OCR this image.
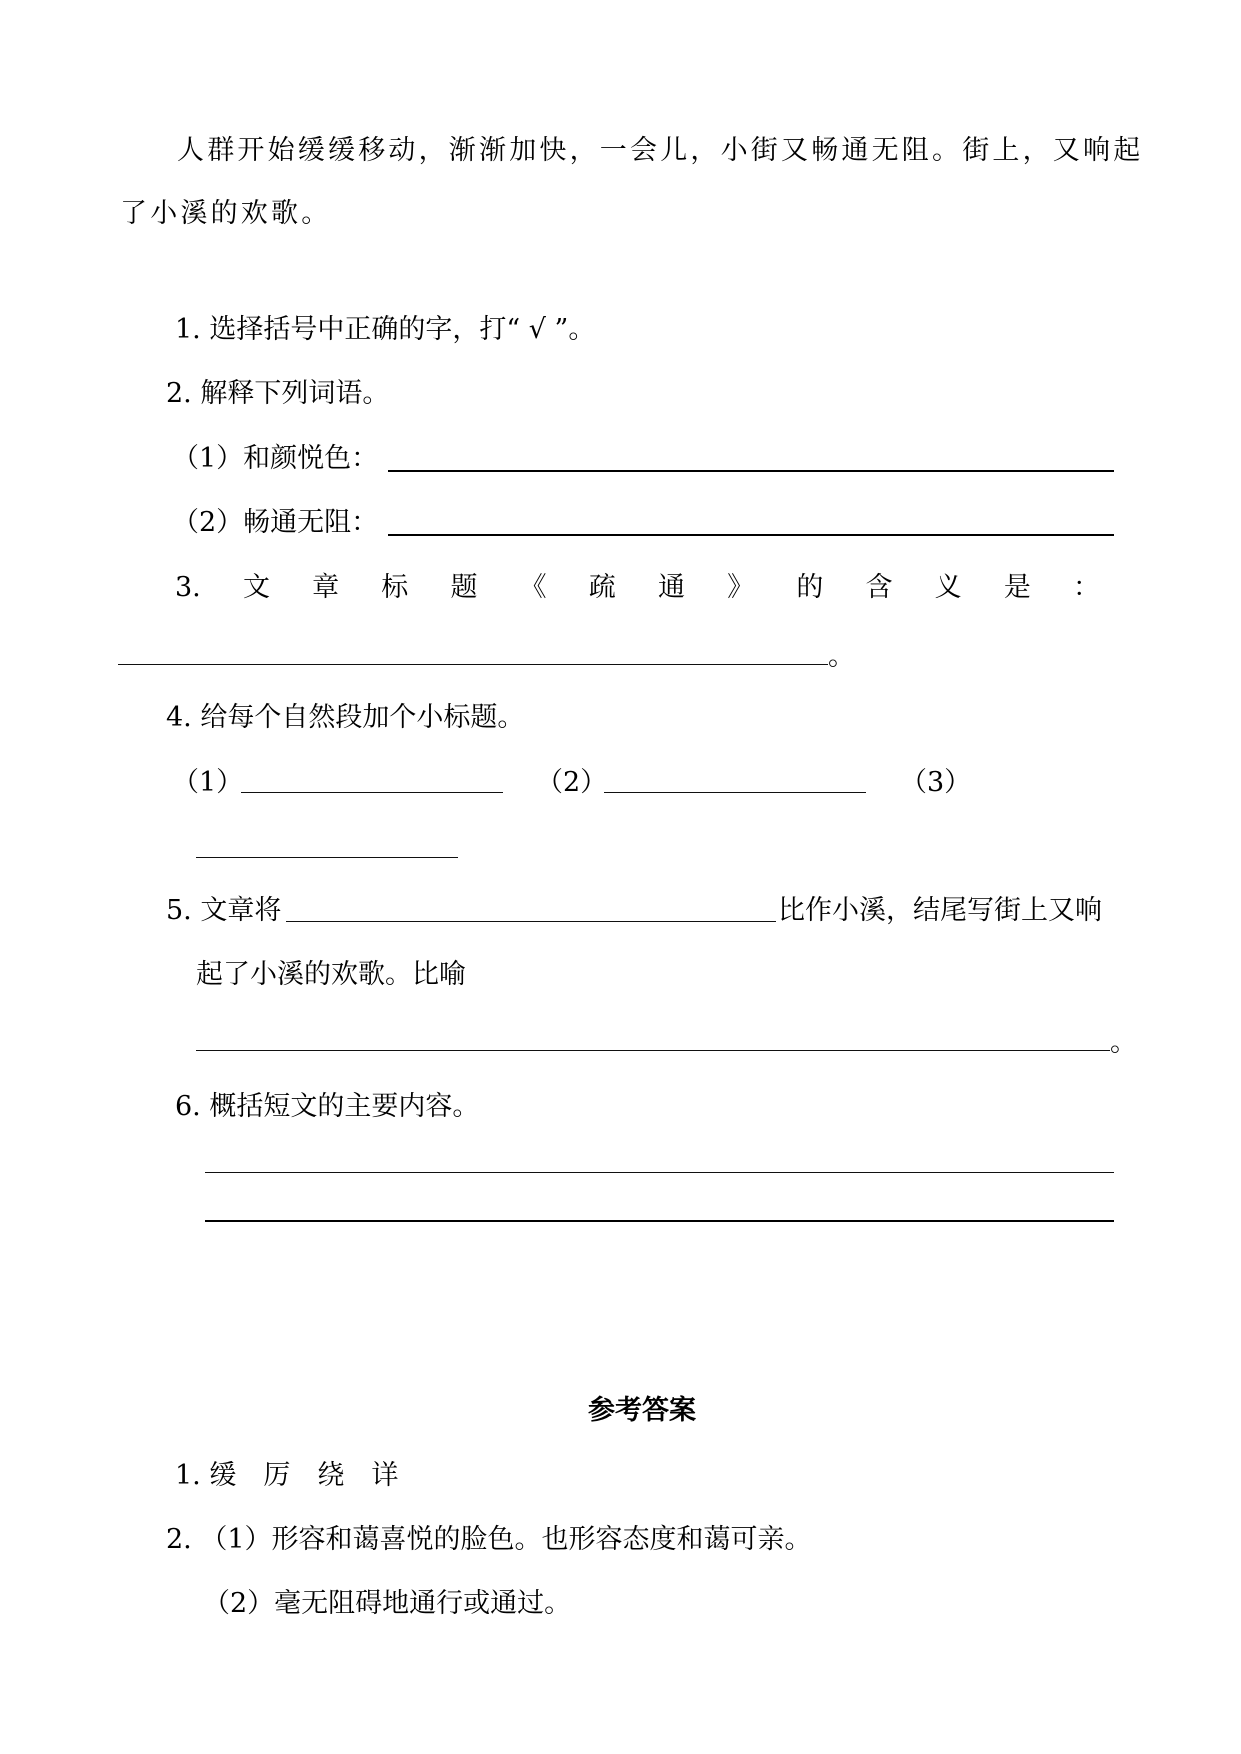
人群开始缓缓移动，渐渐加快，一会儿，小街又畅通无阻。街上，又响起
了小溪的欢歌。
1. 选择括号中正确的字，打“ √ ”。
2. 解释下列词语。
（1）和颜悦色：
（2）畅通无阻：
3. 文 章 标 题 《 疏 通 》 的 含 义 是 ：
。
4. 给每个自然段加个小标题。
（1）	（2）	（3）
5. 文章将	比作小溪，结尾写街上又响
起了小溪的欢歌。比喻
。
6. 概括短文的主要内容。
参考答案
1. 缓　厉　绕　详
2. （1）形容和蔼喜悦的脸色。也形容态度和蔼可亲。
（2）毫无阻碍地通行或通过。
